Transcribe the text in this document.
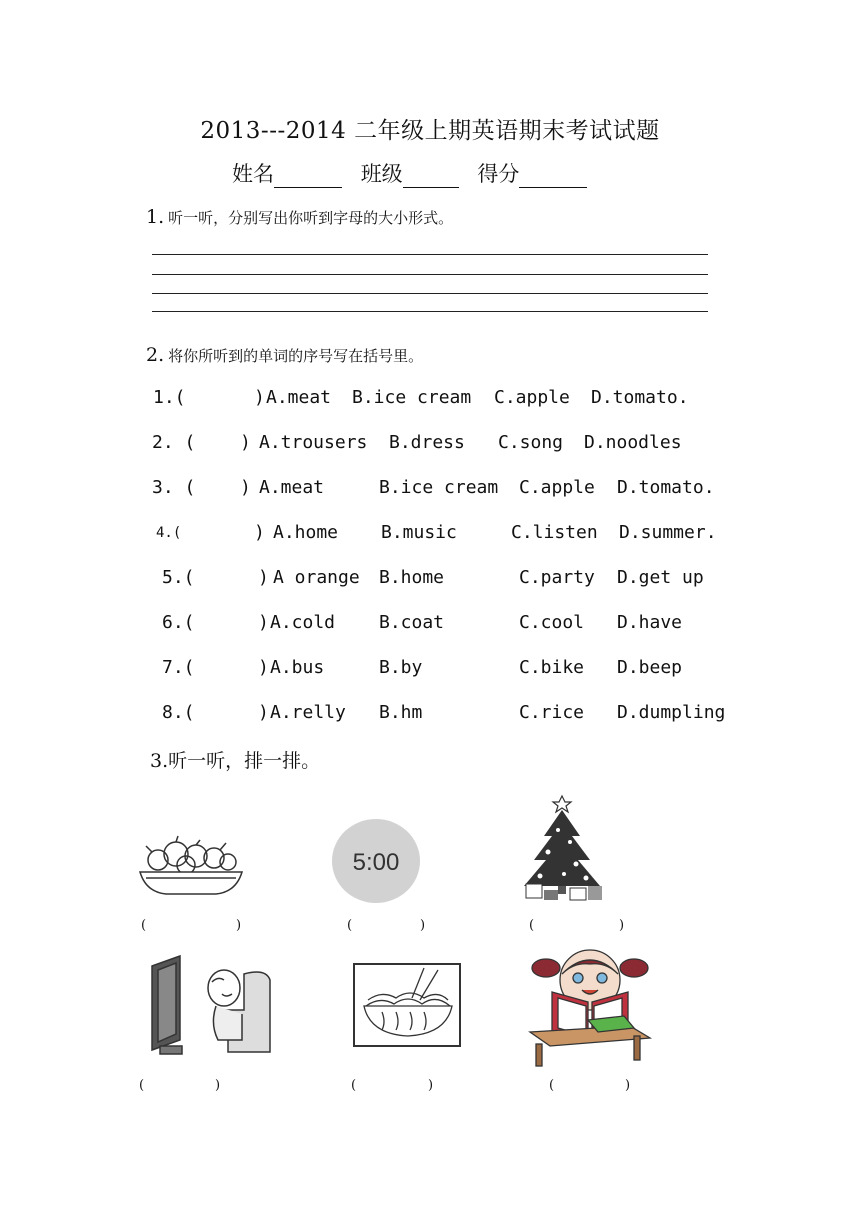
2013---2014 二年级上期英语期末考试试题
姓名	班级	得分
1. 听一听，分别写出你听到字母的大小形式。
2. 将你所听到的单词的序号写在括号里。
1.(	) A.meat B.ice cream C.apple D.tomato.
2. ( ) A.trousers B.dress C.song D.noodles
3. ( ) A.meat	B.ice cream C.apple D.tomato.
4.(	) A.home B.music	C.listen D.summer.
5.(	) A orange B.home	C.party D.get up
6.(	) A.cold B.coat	C.cool D.have
7.(	) A.bus	B.by	C.bike D.beep
8.(	) A.relly B.hm	C.rice D.dumpling
3.听一听，排一排。
(	)
5:00
(	)	(	)
(	)	(	)	(	)
